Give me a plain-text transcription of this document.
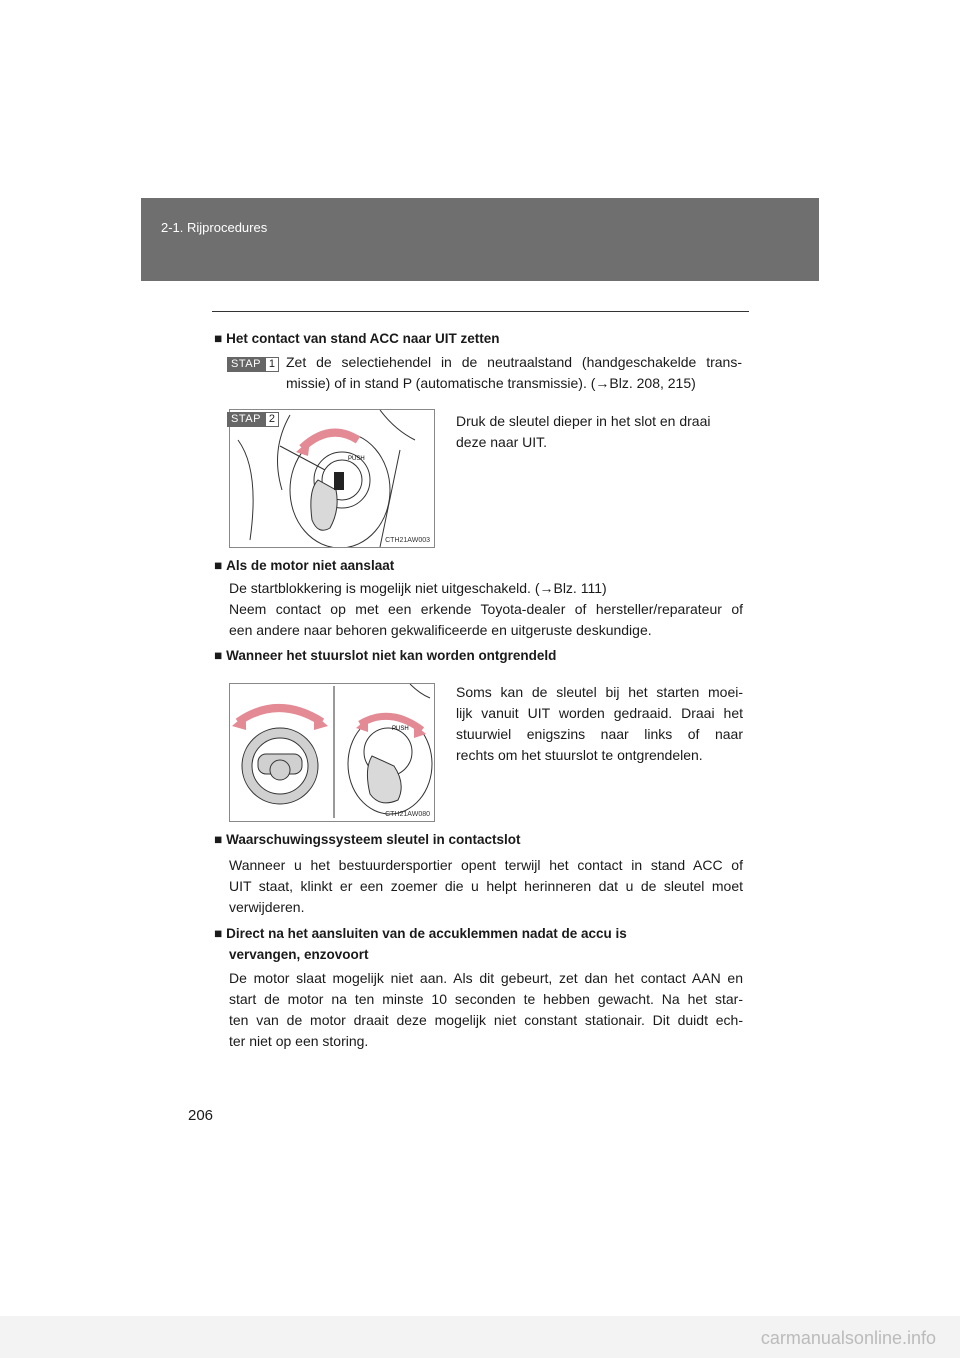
2-1. Rijprocedures
■ Het contact van stand ACC naar UIT zetten
STAP 1 Zet de selectiehendel in de neutraalstand (handgeschakelde trans-
missie) of in stand P (automatische transmissie). (→Blz. 208, 215)
PUSH
CTH21AW003
STAP 2	Druk de sleutel dieper in het slot en draai
deze naar UIT.
■ Als de motor niet aanslaat
De startblokkering is mogelijk niet uitgeschakeld. (→Blz. 111)
Neem contact op met een erkende Toyota-dealer of hersteller/reparateur of
een andere naar behoren gekwalificeerde en uitgeruste deskundige.
■ Wanneer het stuurslot niet kan worden ontgrendeld
PUSH
CTH21AW080
Soms kan de sleutel bij het starten moei-
lijk vanuit UIT worden gedraaid. Draai het
stuurwiel enigszins naar links of naar
rechts om het stuurslot te ontgrendelen.
■ Waarschuwingssysteem sleutel in contactslot
Wanneer u het bestuurdersportier opent terwijl het contact in stand ACC of
UIT staat, klinkt er een zoemer die u helpt herinneren dat u de sleutel moet
verwijderen.
■ Direct na het aansluiten van de accuklemmen nadat de accu is
vervangen, enzovoort
De motor slaat mogelijk niet aan. Als dit gebeurt, zet dan het contact AAN en
start de motor na ten minste 10 seconden te hebben gewacht. Na het star-
ten van de motor draait deze mogelijk niet constant stationair. Dit duidt ech-
ter niet op een storing.
206
carmanualsonline.info
